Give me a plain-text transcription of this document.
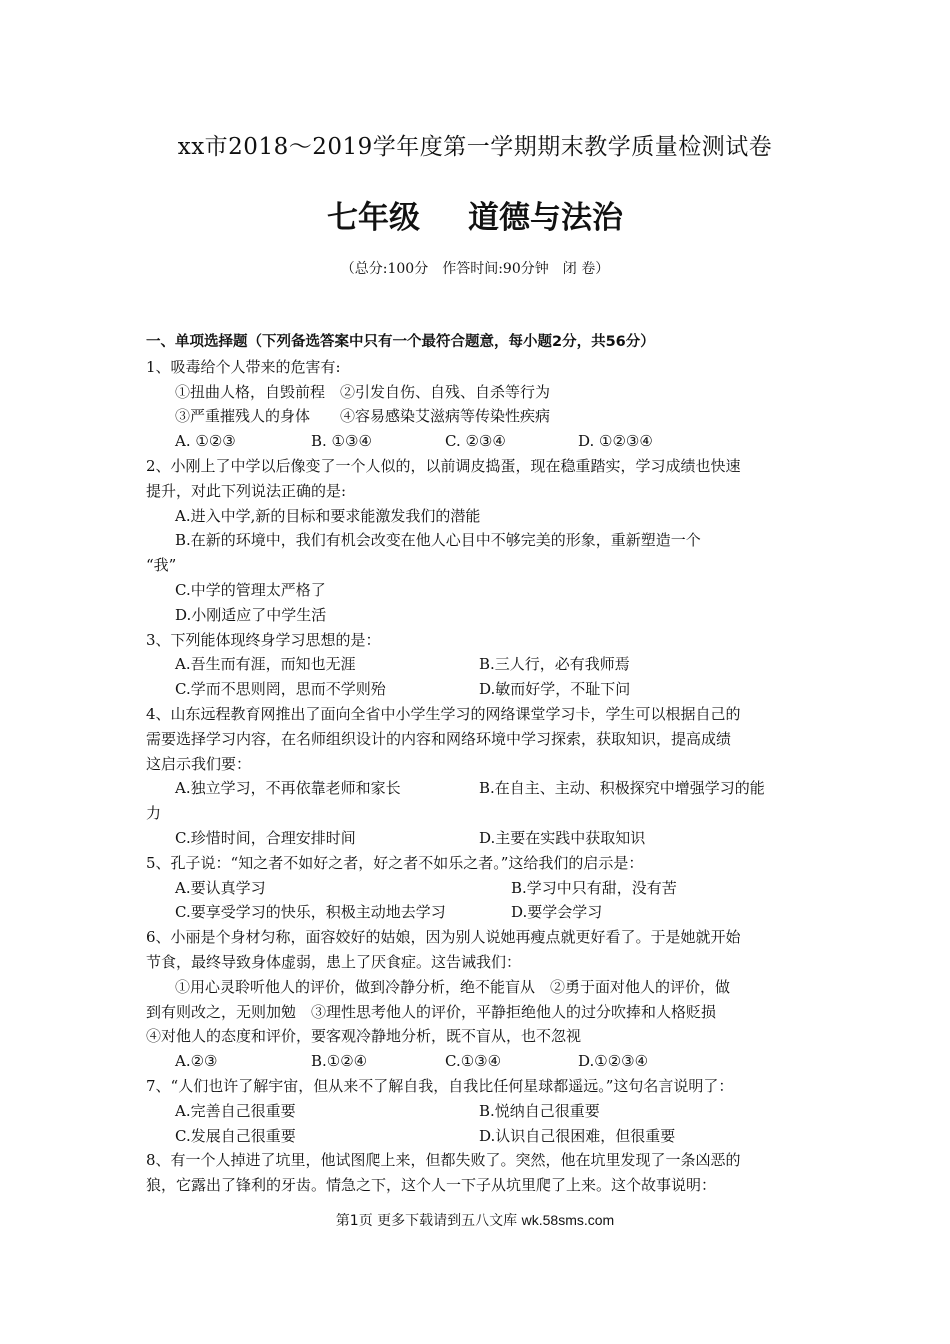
xx市2018～2019学年度第一学期期末教学质量检测试卷
七年级 道德与法治
（总分:100分　作答时间:90分钟　闭 卷）
一、单项选择题（下列备选答案中只有一个最符合题意，每小题2分，共56分）
1、吸毒给个人带来的危害有:
①扭曲人格，自毁前程　②引发自伤、自残、自杀等行为
③严重摧残人的身体　　④容易感染艾滋病等传染性疾病
A. ①②③	B. ①③④	C. ②③④	D. ①②③④
2、小刚上了中学以后像变了一个人似的，以前调皮捣蛋，现在稳重踏实，学习成绩也快速
提升，对此下列说法正确的是:
A.进入中学,新的目标和要求能激发我们的潜能
B.在新的环境中，我们有机会改变在他人心目中不够完美的形象，重新塑造一个
“我”
C.中学的管理太严格了
D.小刚适应了中学生活
3、下列能体现终身学习思想的是：
A.吾生而有涯，而知也无涯	B.三人行，必有我师焉
C.学而不思则罔，思而不学则殆	D.敏而好学，不耻下问
4、山东远程教育网推出了面向全省中小学生学习的网络课堂学习卡，学生可以根据自己的
需要选择学习内容，在名师组织设计的内容和网络环境中学习探索，获取知识，提高成绩
这启示我们要：
A.独立学习，不再依靠老师和家长	B.在自主、主动、积极探究中增强学习的能
力
C.珍惜时间，合理安排时间	D.主要在实践中获取知识
5、孔子说：“知之者不如好之者，好之者不如乐之者。”这给我们的启示是：
A.要认真学习	B.学习中只有甜，没有苦
C.要享受学习的快乐，积极主动地去学习	D.要学会学习
6、小丽是个身材匀称，面容姣好的姑娘，因为别人说她再瘦点就更好看了。于是她就开始
节食，最终导致身体虚弱，患上了厌食症。这告诫我们：
①用心灵聆听他人的评价，做到冷静分析，绝不能盲从　②勇于面对他人的评价，做
到有则改之，无则加勉　③理性思考他人的评价，平静拒绝他人的过分吹捧和人格贬损
④对他人的态度和评价，要客观冷静地分析，既不盲从，也不忽视
A.②③	B.①②④	C.①③④	D.①②③④
7、“人们也许了解宇宙，但从来不了解自我，自我比任何星球都遥远。”这句名言说明了：
A.完善自己很重要	B.悦纳自己很重要
C.发展自己很重要	D.认识自己很困难，但很重要
8、有一个人掉进了坑里，他试图爬上来，但都失败了。突然，他在坑里发现了一条凶恶的
狼，它露出了锋利的牙齿。情急之下，这个人一下子从坑里爬了上来。这个故事说明：
第1页 更多下载请到五八文库 wk.58sms.com
